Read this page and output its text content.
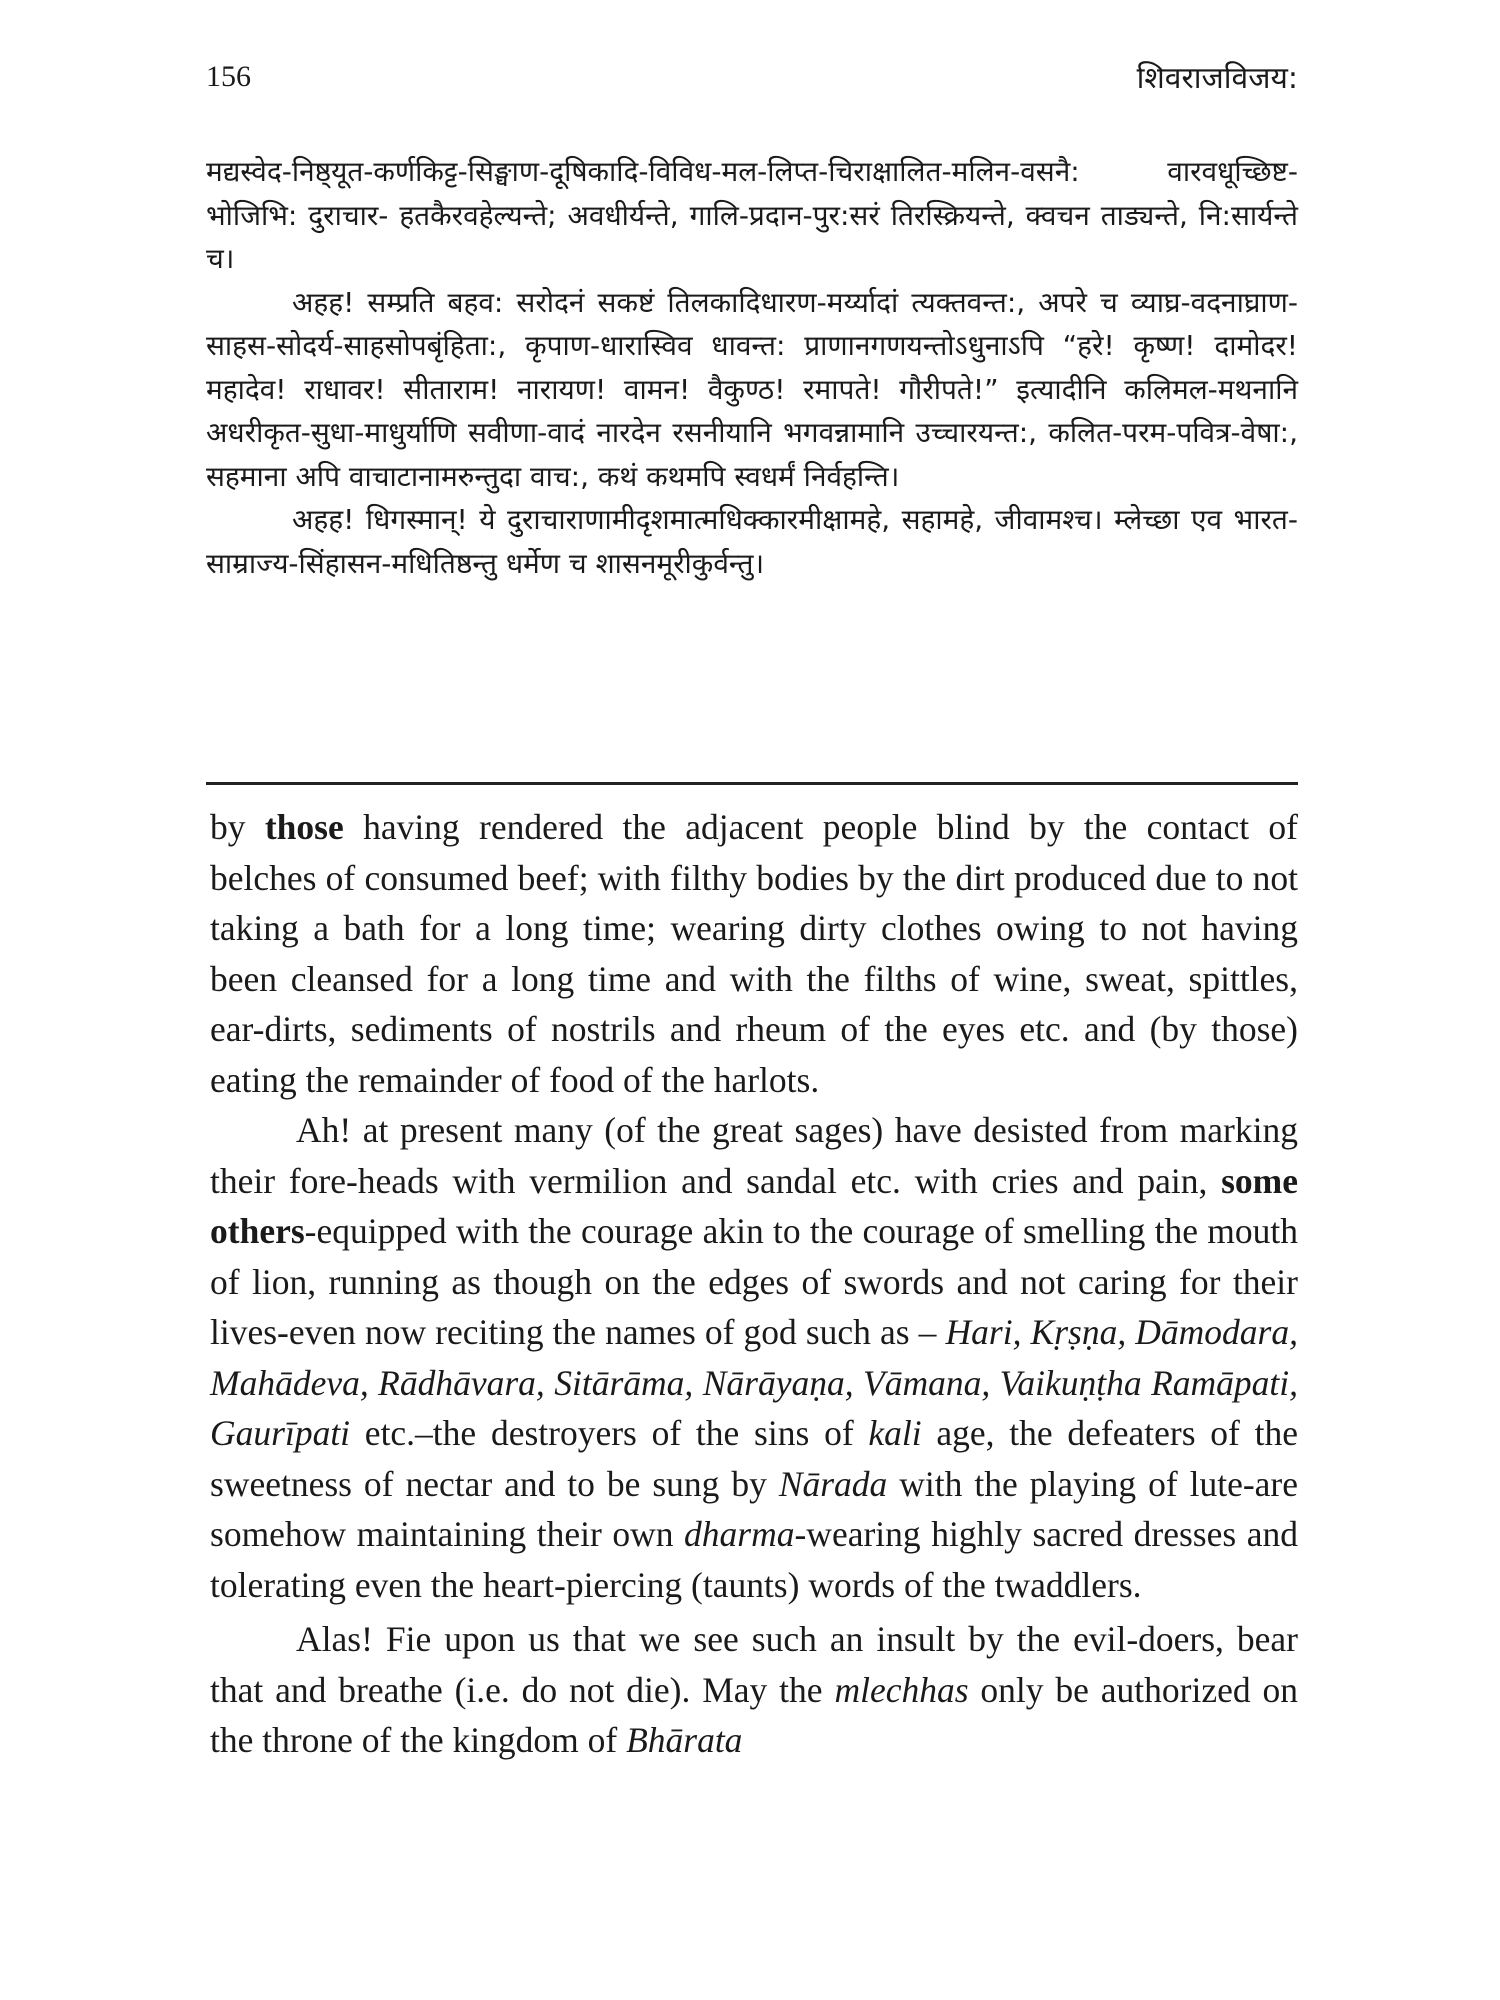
156	शिवराजविजय:

मद्यस्वेद-निष्ठ्यूत-कर्णकिट्ट-सिङ्घाण-दूषिकादि-विविध-मल-लिप्त-चिराक्षालित-मलिन-वसनै: वारवधूच्छिष्ट-भोजिभि: दुराचार- हतकैरवहेल्यन्ते; अवधीर्यन्ते, गालि-प्रदान-पुर:सरं तिरस्क्रियन्ते, क्वचन ताड्यन्ते, नि:सार्यन्ते च।

अहह! सम्प्रति बहव: सरोदनं सकष्टं तिलकादिधारण-मर्य्यादां त्यक्तवन्त:, अपरे च व्याघ्र-वदनाघ्राण-साहस-सोदर्य-साहसोपबृंहिता:, कृपाण-धारास्विव धावन्त: प्राणानगणयन्तोऽधुनाऽपि “हरे! कृष्ण! दामोदर! महादेव! राधावर! सीताराम! नारायण! वामन! वैकुण्ठ! रमापते! गौरीपते!” इत्यादीनि कलिमल-मथनानि अधरीकृत-सुधा-माधुर्याणि सवीणा-वादं नारदेन रसनीयानि भगवन्नामानि उच्चारयन्त:, कलित-परम-पवित्र-वेषा:, सहमाना अपि वाचाटानामरुन्तुदा वाच:, कथं कथमपि स्वधर्मं निर्वहन्ति।

अहह! धिगस्मान्! ये दुराचाराणामीदृशमात्मधिक्कारमीक्षामहे, सहामहे, जीवामश्च। म्लेच्छा एव भारत-साम्राज्य-सिंहासन-मधितिष्ठन्तु धर्मेण च शासनमूरीकुर्वन्तु।

by those having rendered the adjacent people blind by the contact of belches of consumed beef; with filthy bodies by the dirt produced due to not taking a bath for a long time; wearing dirty clothes owing to not having been cleansed for a long time and with the filths of wine, sweat, spittles, ear-dirts, sediments of nostrils and rheum of the eyes etc. and (by those) eating the remainder of food of the harlots.

Ah! at present many (of the great sages) have desisted from marking their fore-heads with vermilion and sandal etc. with cries and pain, some others-equipped with the courage akin to the courage of smelling the mouth of lion, running as though on the edges of swords and not caring for their lives-even now reciting the names of god such as – Hari, Kṛṣṇa, Dāmodara, Mahādeva, Rādhāvara, Sitārāma, Nārāyaṇa, Vāmana, Vaikuṇṭha Ramāpati, Gaurīpati etc.–the destroyers of the sins of kali age, the defeaters of the sweetness of nectar and to be sung by Nārada with the playing of lute-are somehow maintaining their own dharma-wearing highly sacred dresses and tolerating even the heart-piercing (taunts) words of the twaddlers.

Alas! Fie upon us that we see such an insult by the evil-doers, bear that and breathe (i.e. do not die). May the mlechhas only be authorized on the throne of the kingdom of Bhārata
